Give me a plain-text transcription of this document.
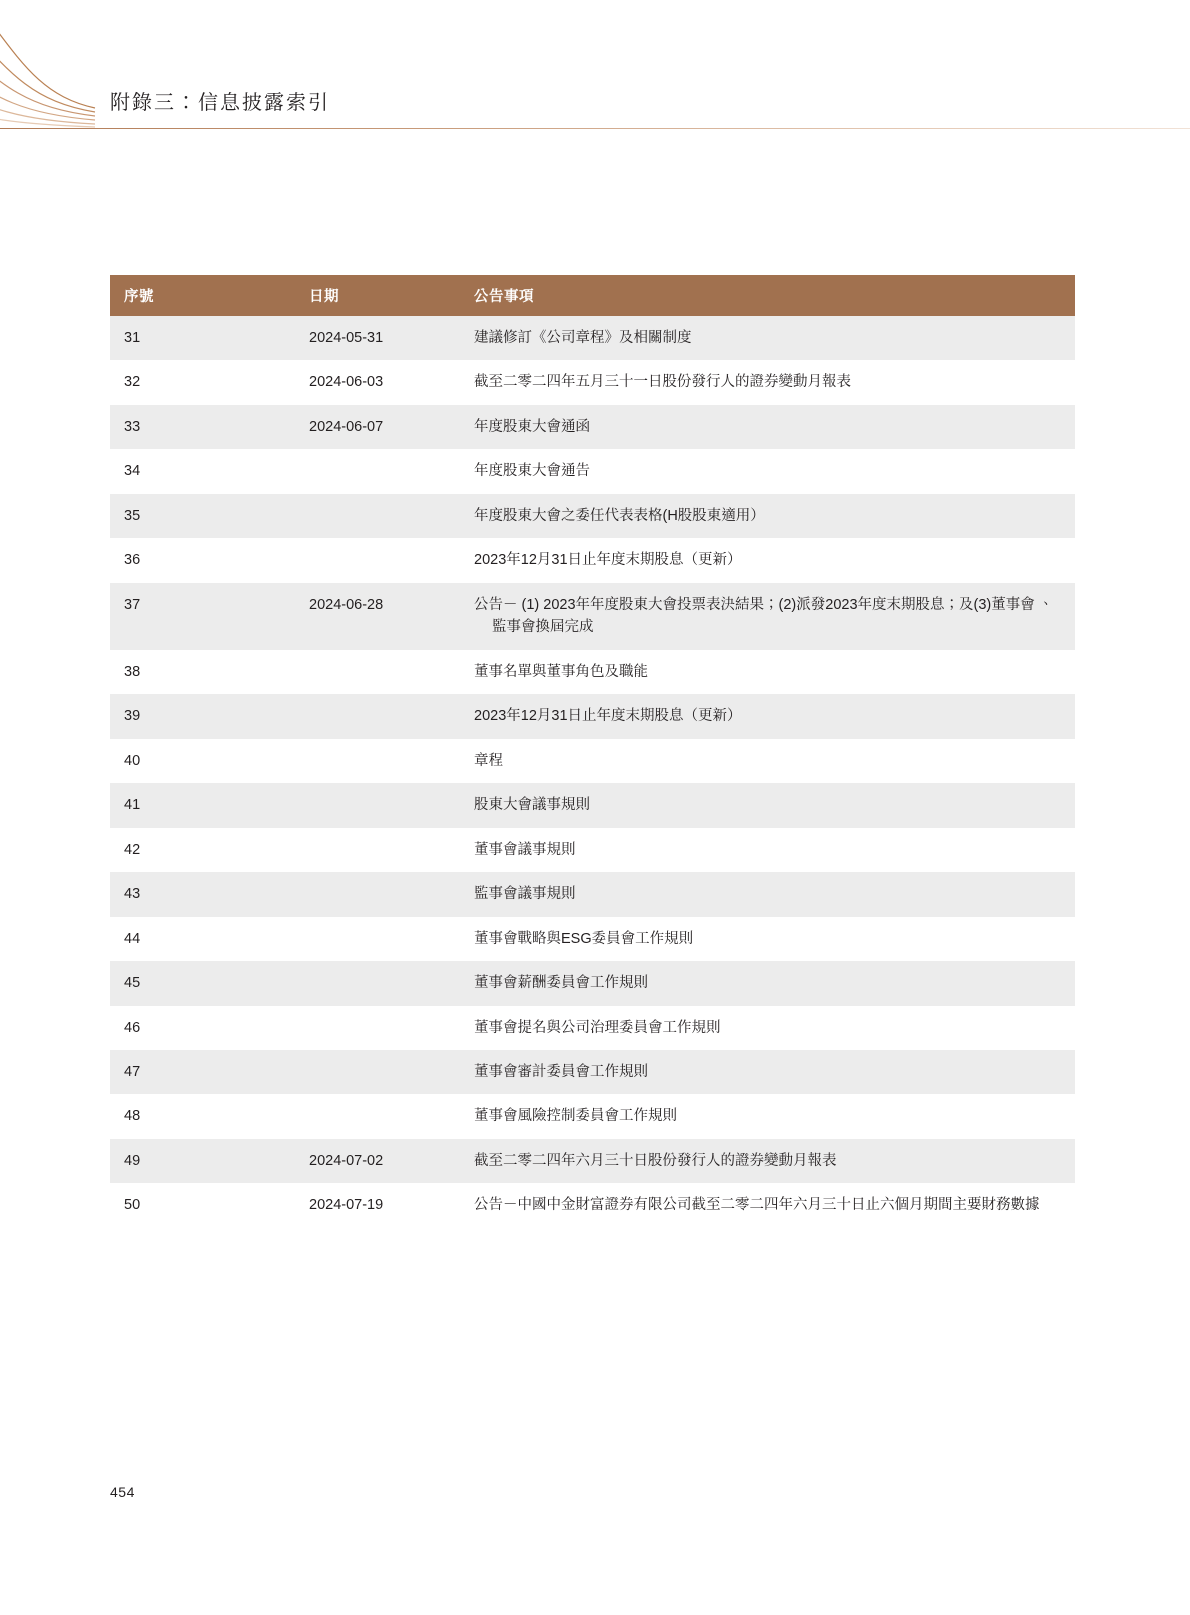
附錄三：信息披露索引
序號	日期	公告事項
31	2024-05-31	建議修訂《公司章程》及相關制度
32	2024-06-03	截至二零二四年五月三十一日股份發行人的證券變動月報表
33	2024-06-07	年度股東大會通函
34		年度股東大會通告
35		年度股東大會之委任代表表格(H股股東適用）
36		2023年12月31日止年度末期股息（更新）
37	2024-06-28	公告－ (1) 2023年年度股東大會投票表決結果；(2)派發2023年度末期股息；及(3)董事會 、監事會換屆完成

38		董事名單與董事角色及職能
39		2023年12月31日止年度末期股息（更新）
40		章程
41		股東大會議事規則
42		董事會議事規則
43		監事會議事規則
44		董事會戰略與ESG委員會工作規則
45		董事會薪酬委員會工作規則
46		董事會提名與公司治理委員會工作規則
47		董事會審計委員會工作規則
48		董事會風險控制委員會工作規則
49	2024-07-02	截至二零二四年六月三十日股份發行人的證券變動月報表
50	2024-07-19	公告－中國中金財富證券有限公司截至二零二四年六月三十日止六個月期間主要財務數據
454
